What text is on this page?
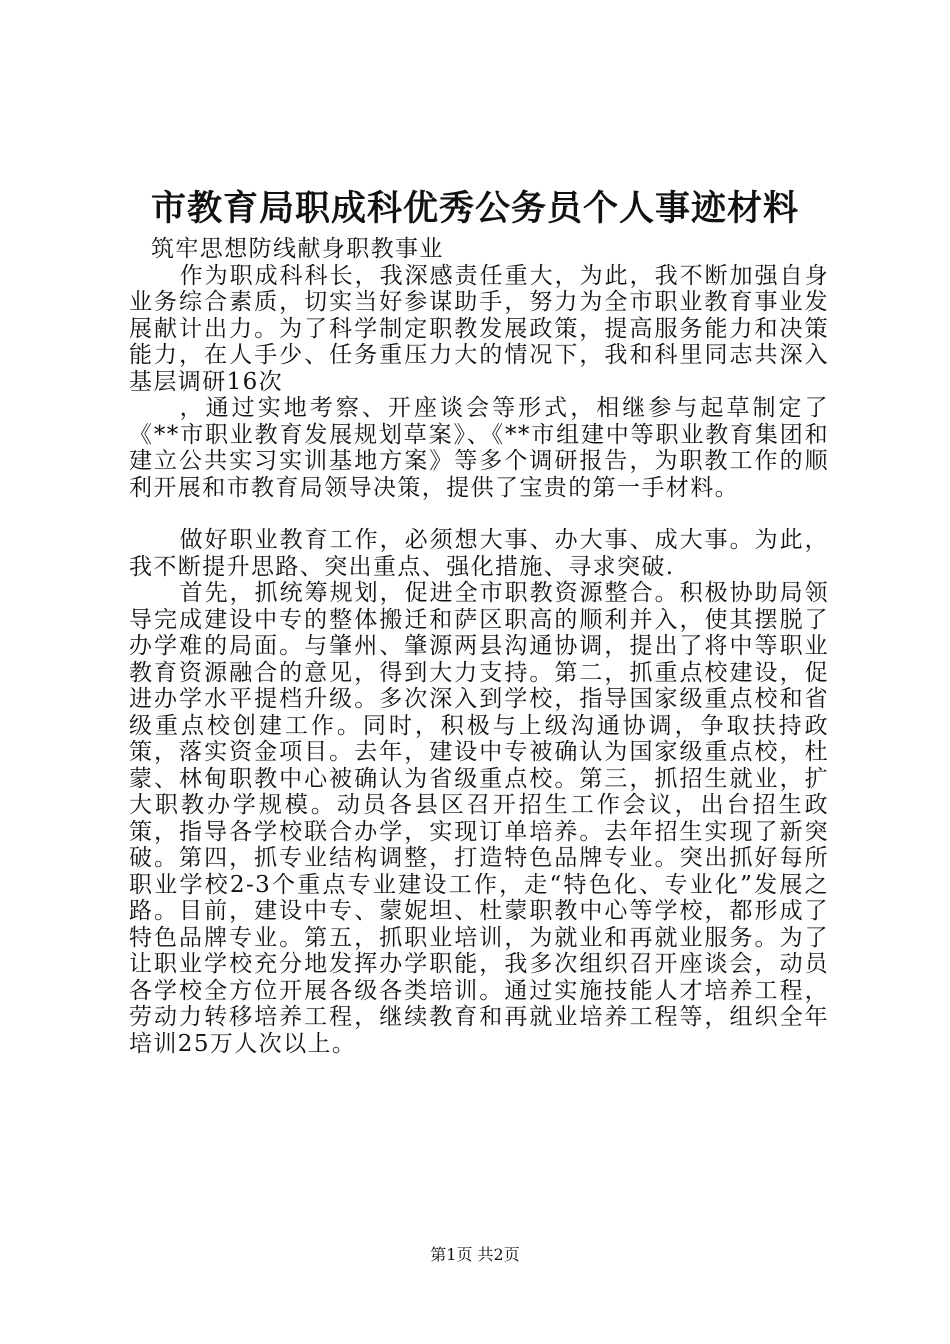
市教育局职成科优秀公务员个人事迹材料

筑牢思想防线献身职教事业

作为职成科科长，我深感责任重大，为此，我不断加强自身业务综合素质，切实当好参谋助手，努力为全市职业教育事业发展献计出力。为了科学制定职教发展政策，提高服务能力和决策能力，在人手少、任务重压力大的情况下，我和科里同志共深入基层调研16次

，通过实地考察、开座谈会等形式，相继参与起草制定了《**市职业教育发展规划草案》、《**市组建中等职业教育集团和建立公共实习实训基地方案》等多个调研报告，为职教工作的顺利开展和市教育局领导决策，提供了宝贵的第一手材料。

做好职业教育工作，必须想大事、办大事、成大事。为此，我不断提升思路、突出重点、强化措施、寻求突破.

首先，抓统筹规划，促进全市职教资源整合。积极协助局领导完成建设中专的整体搬迁和萨区职高的顺利并入，使其摆脱了办学难的局面。与肇州、肇源两县沟通协调，提出了将中等职业教育资源融合的意见，得到大力支持。第二，抓重点校建设，促进办学水平提档升级。多次深入到学校，指导国家级重点校和省级重点校创建工作。同时，积极与上级沟通协调，争取扶持政策，落实资金项目。去年，建设中专被确认为国家级重点校，杜蒙、林甸职教中心被确认为省级重点校。第三，抓招生就业，扩大职教办学规模。动员各县区召开招生工作会议，出台招生政策，指导各学校联合办学，实现订单培养。去年招生实现了新突破。第四，抓专业结构调整，打造特色品牌专业。突出抓好每所职业学校2-3个重点专业建设工作，走“特色化、专业化”发展之路。目前，建设中专、蒙妮坦、杜蒙职教中心等学校，都形成了特色品牌专业。第五，抓职业培训，为就业和再就业服务。为了让职业学校充分地发挥办学职能，我多次组织召开座谈会，动员各学校全方位开展各级各类培训。通过实施技能人才培养工程，劳动力转移培养工程，继续教育和再就业培养工程等，组织全年培训25万人次以上。

第1页 共2页
